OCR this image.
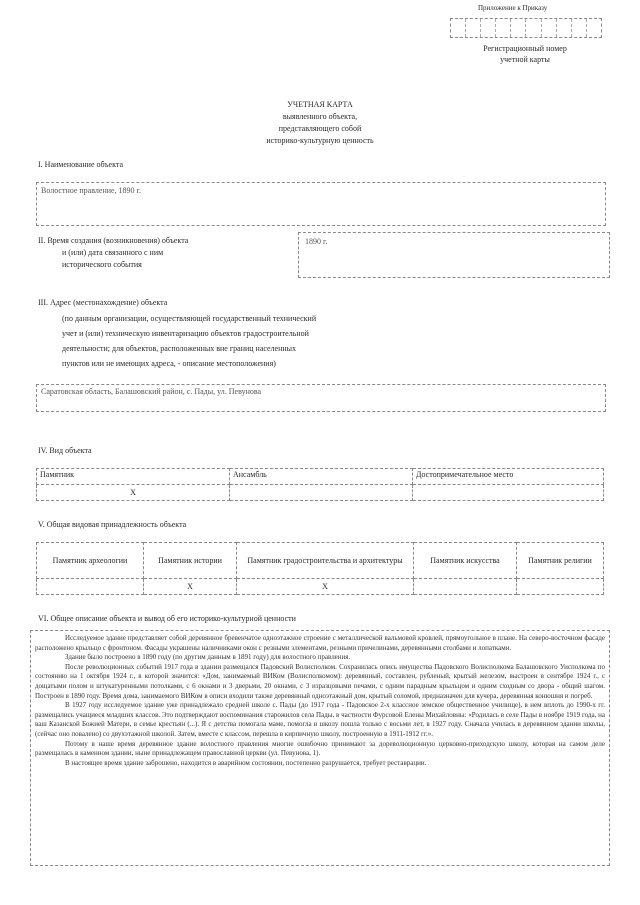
Приложение к Приказу
Регистрационный номер
учетной карты
УЧЕТНАЯ КАРТА
выявленного объекта,
представляющего собой
историко-культурную ценность
I. Наименование объекта
Волостное правление, 1890 г.
II. Время создания (возникновения) объекта
и (или) дата связанного с ним
исторического события
1890 г.
III. Адрес (местонахождение) объекта
(по данным организации, осуществляющей государственный технический
учет и (или) техническую инвентаризацию объектов градостроительной
деятельности; для объектов, расположенных вне границ населенных
пунктов или не имеющих адреса, - описание местоположения)
Саратовская область, Балашовский район, с. Пады, ул. Певунова
IV. Вид объекта
Памятник	Ансамбль	Достопримечательное место
Х		
V. Общая видовая принадлежность объекта
Памятник археологии	Памятник истории	Памятник градостроительства и архитектуры	Памятник искусства	Памятник религии
	Х	Х		
VI. Общее описание объекта и вывод об его историко-культурной ценности

Исследуемое здание представляет собой деревянное бревенчатое одноэтажное строение с металлической вальмовой кровлей, прямоугольное в плане. На северо-восточном фасаде расположено крыльцо с фронтоном. Фасады украшены наличниками окон с резными элементами, резными причелинами, деревянными столбами и лопатками.

Здание было построено в 1890 году (по другим данным в 1891 году) для волостного правления.

После революционных событий 1917 года в здании размещался Падовский Волисполком. Сохранилась опись имущества Падовского Волисполкома Балашовского Уисполкома по состоянию на 1 октября 1924 г., в которой значится: «Дом, занимаемый ВИКом (Волисполкомом): деревянный, составлен, рубленый, крытый железом, выстроен в сентябре 1924 г., с дощатыми полом и штукатуренными потолками, с 6 окнами и 3 дверьми, 20 окнами, с 3 изразцовыми печами, с одним парадным крыльцом и одним сходным со двора - общий шагом. Построен в 1890 году. Время дома, занимаемого ВИКом в описи входили также деревянный одноэтажный дом, крытый соломой, предназначен для кучера, деревянная конюшня и погреб.

В 1927 году исследуемое здание уже принадлежало средней школе с. Пады (до 1917 года - Падовское 2-х классное земское общественное училище), в нем вплоть до 1990-х гг. размещались учащиеся младших классов. Это подтверждают воспоминания старожилов села Пады, в частности Фурсовой Елены Михайловны: «Родилась в селе Пады в ноябре 1919 года, на ваш Казанской Божией Матери, в семье крестьян (...). Я с детства помогала маме, помогла в школу пошла только с восьми лет, в 1927 году. Сначала училась в деревянном здании школы, (сейчас оно повалено) со двухэтажной школой. Затем, вместе с классом, перешла в кирпичную школу, построенную в 1911-1912 гг.».

Потому в наше время деревянное здание волостного правления многие ошибочно принимают за дореволюционную церковно-приходскую школу, которая на самом деле размещалась в каменном здании, ныне принадлежащем православной церкви (ул. Певунова, 1).

В настоящее время здание заброшено, находится в аварийном состоянии, постепенно разрушается, требует реставрации.
